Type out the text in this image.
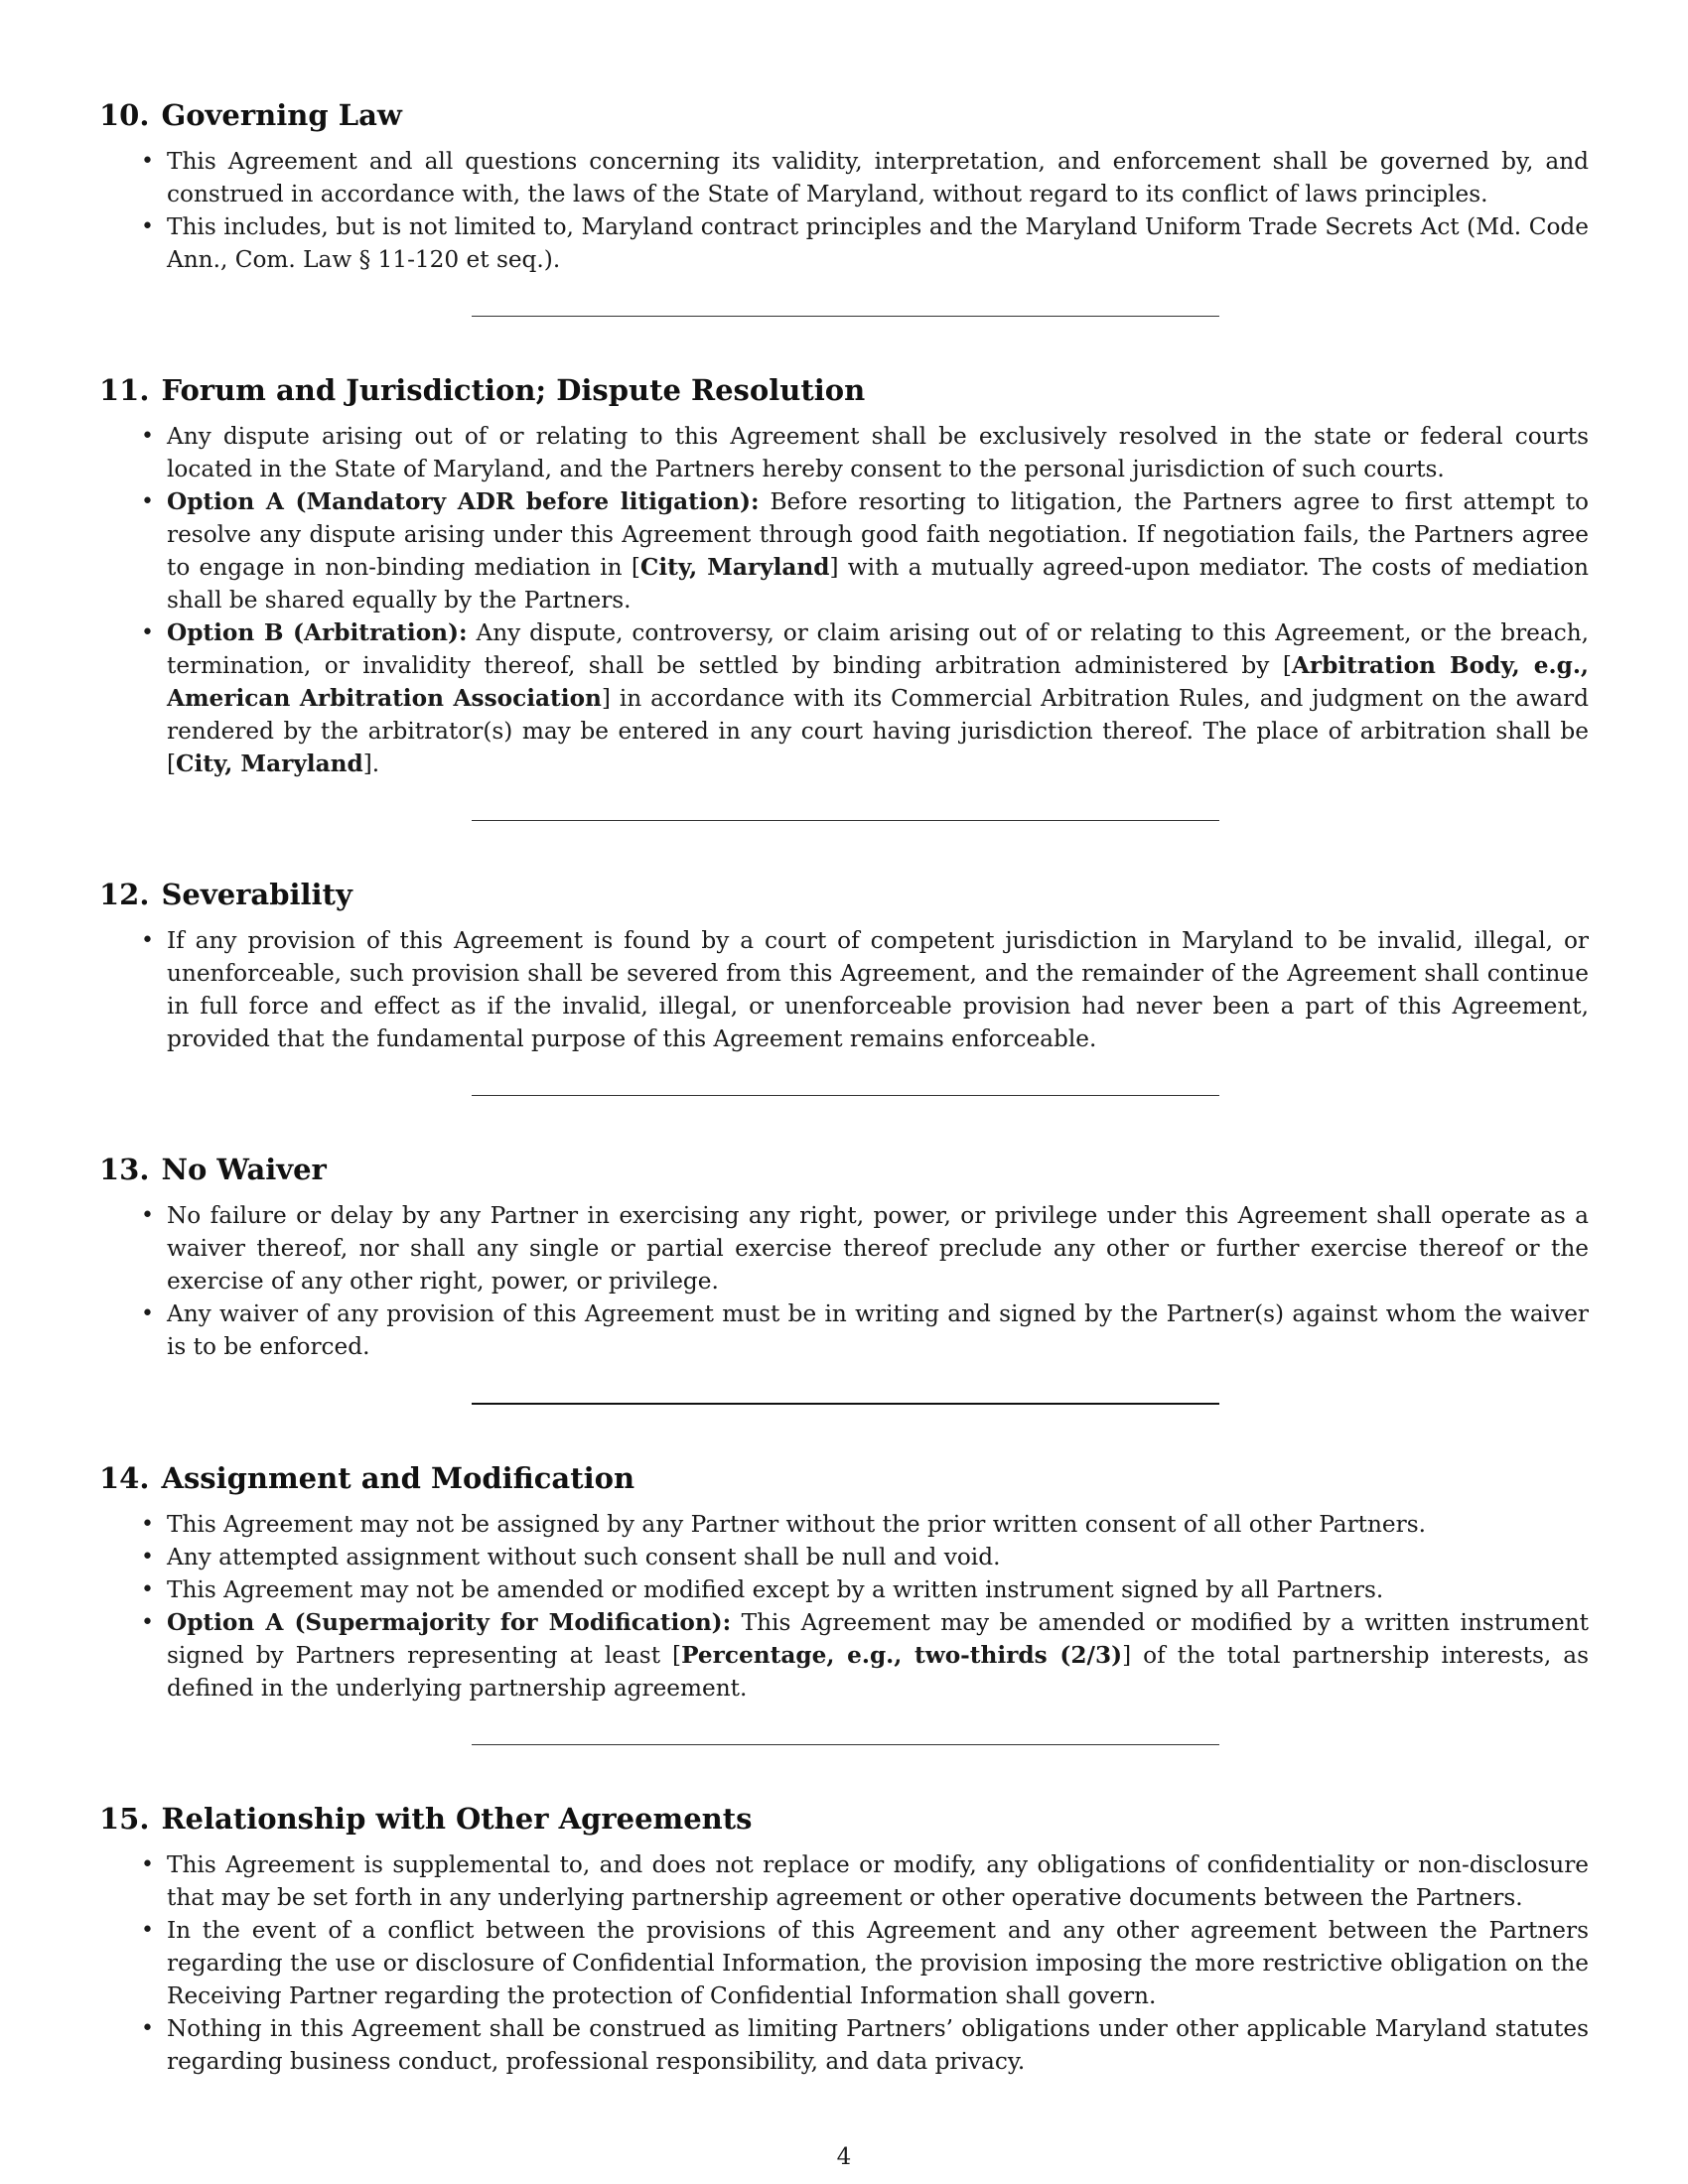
10. Governing Law
• This Agreement and all questions concerning its validity, interpretation, and enforcement shall be governed by, and construed in accordance with, the laws of the State of Maryland, without regard to its conflict of laws principles.
• This includes, but is not limited to, Maryland contract principles and the Maryland Uniform Trade Secrets Act (Md. Code Ann., Com. Law § 11-120 et seq.).
11. Forum and Jurisdiction; Dispute Resolution
• Any dispute arising out of or relating to this Agreement shall be exclusively resolved in the state or federal courts located in the State of Maryland, and the Partners hereby consent to the personal jurisdiction of such courts.
• Option A (Mandatory ADR before litigation): Before resorting to litigation, the Partners agree to first attempt to resolve any dispute arising under this Agreement through good faith negotiation. If negotiation fails, the Partners agree to engage in non-binding mediation in [City, Maryland] with a mutually agreed-upon mediator. The costs of mediation shall be shared equally by the Partners.
• Option B (Arbitration): Any dispute, controversy, or claim arising out of or relating to this Agreement, or the breach, termination, or invalidity thereof, shall be settled by binding arbitration administered by [Arbitration Body, e.g., American Arbitration Association] in accordance with its Commercial Arbitration Rules, and judgment on the award rendered by the arbitrator(s) may be entered in any court having jurisdiction thereof. The place of arbitration shall be [City, Maryland].
12. Severability
• If any provision of this Agreement is found by a court of competent jurisdiction in Maryland to be invalid, illegal, or unenforceable, such provision shall be severed from this Agreement, and the remainder of the Agreement shall continue in full force and effect as if the invalid, illegal, or unenforceable provision had never been a part of this Agreement, provided that the fundamental purpose of this Agreement remains enforceable.
13. No Waiver
• No failure or delay by any Partner in exercising any right, power, or privilege under this Agreement shall operate as a waiver thereof, nor shall any single or partial exercise thereof preclude any other or further exercise thereof or the exercise of any other right, power, or privilege.
• Any waiver of any provision of this Agreement must be in writing and signed by the Partner(s) against whom the waiver is to be enforced.
14. Assignment and Modification
• This Agreement may not be assigned by any Partner without the prior written consent of all other Partners.
• Any attempted assignment without such consent shall be null and void.
• This Agreement may not be amended or modified except by a written instrument signed by all Partners.
• Option A (Supermajority for Modification): This Agreement may be amended or modified by a written instrument signed by Partners representing at least [Percentage, e.g., two-thirds (2/3)] of the total partnership interests, as defined in the underlying partnership agreement.
15. Relationship with Other Agreements
• This Agreement is supplemental to, and does not replace or modify, any obligations of confidentiality or non-disclosure that may be set forth in any underlying partnership agreement or other operative documents between the Partners.
• In the event of a conflict between the provisions of this Agreement and any other agreement between the Partners regarding the use or disclosure of Confidential Information, the provision imposing the more restrictive obligation on the Receiving Partner regarding the protection of Confidential Information shall govern.
• Nothing in this Agreement shall be construed as limiting Partners’ obligations under other applicable Maryland statutes regarding business conduct, professional responsibility, and data privacy.
4
